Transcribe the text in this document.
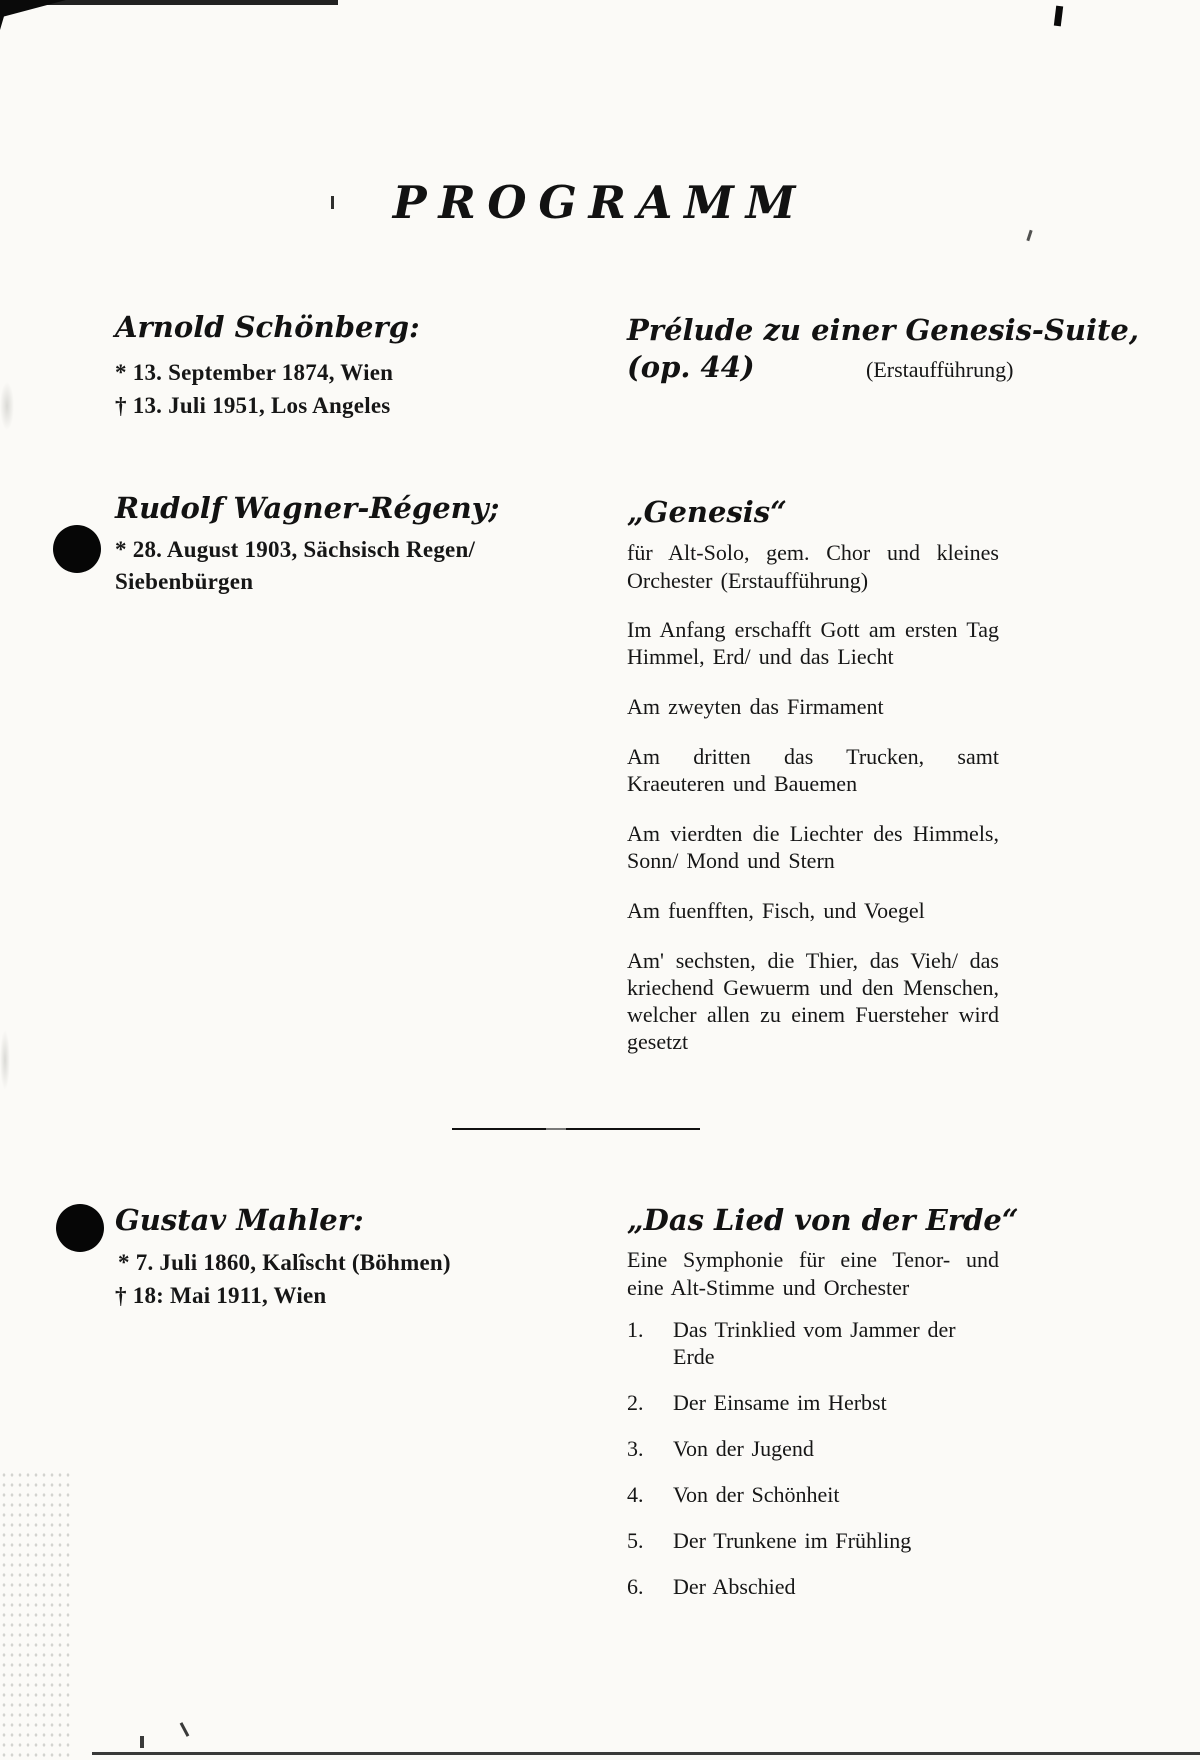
PROGRAMM
Arnold Schönberg:
* 13. September 1874, Wien
† 13. Juli 1951, Los Angeles
Prélude zu einer Genesis-Suite,
(op. 44)	(Erstaufführung)
Rudolf Wagner-Régeny;
* 28. August 1903, Sächsisch Regen/
Siebenbürgen
„Genesis“
für Alt-Solo, gem. Chor und kleines Orchester (Erstaufführung)

Im Anfang erschafft Gott am ersten Tag Himmel, Erd/ und das Liecht

Am zweyten das Firmament

Am dritten das Trucken, samt Kraeuteren und Bauemen

Am vierdten die Liechter des Himmels, Sonn/ Mond und Stern

Am fuenfften, Fisch, und Voegel

Am' sechsten, die Thier, das Vieh/ das kriechend Gewuerm und den Menschen, welcher allen zu einem Fuersteher wird gesetzt

Gustav Mahler:
* 7. Juli 1860, Kalîscht (Böhmen)
† 18: Mai 1911, Wien
„Das Lied von der Erde“
Eine Symphonie für eine Tenor- und eine Alt-Stimme und Orchester
1.	Das Trinklied vom Jammer der Erde
2.	Der Einsame im Herbst
3.	Von der Jugend
4.	Von der Schönheit
5.	Der Trunkene im Frühling
6.	Der Abschied
